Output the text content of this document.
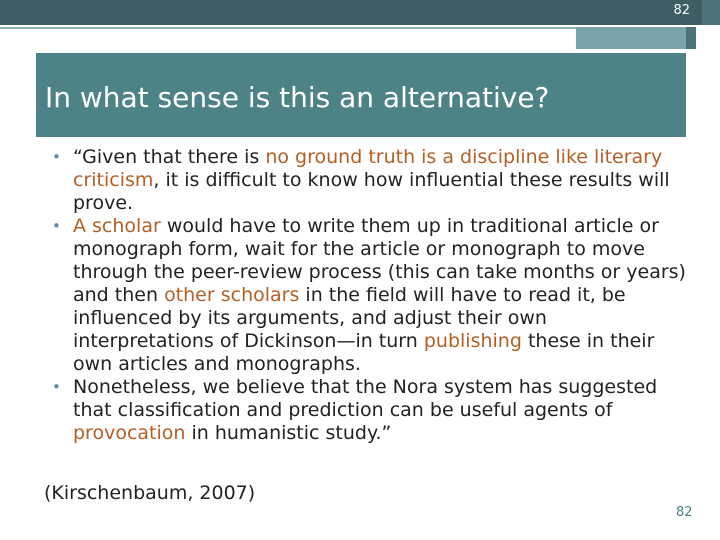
82
In what sense is this an alternative?
• “Given that there is no ground truth is a discipline like literary criticism, it is difficult to know how influential these results will prove.
• A scholar would have to write them up in traditional article or monograph form, wait for the article or monograph to move through the peer-review process (this can take months or years) and then other scholars in the field will have to read it, be influenced by its arguments, and adjust their own interpretations of Dickinson—in turn publishing these in their own articles and monographs.
• Nonetheless, we believe that the Nora system has suggested that classification and prediction can be useful agents of provocation in humanistic study.”
(Kirschenbaum, 2007)
82
